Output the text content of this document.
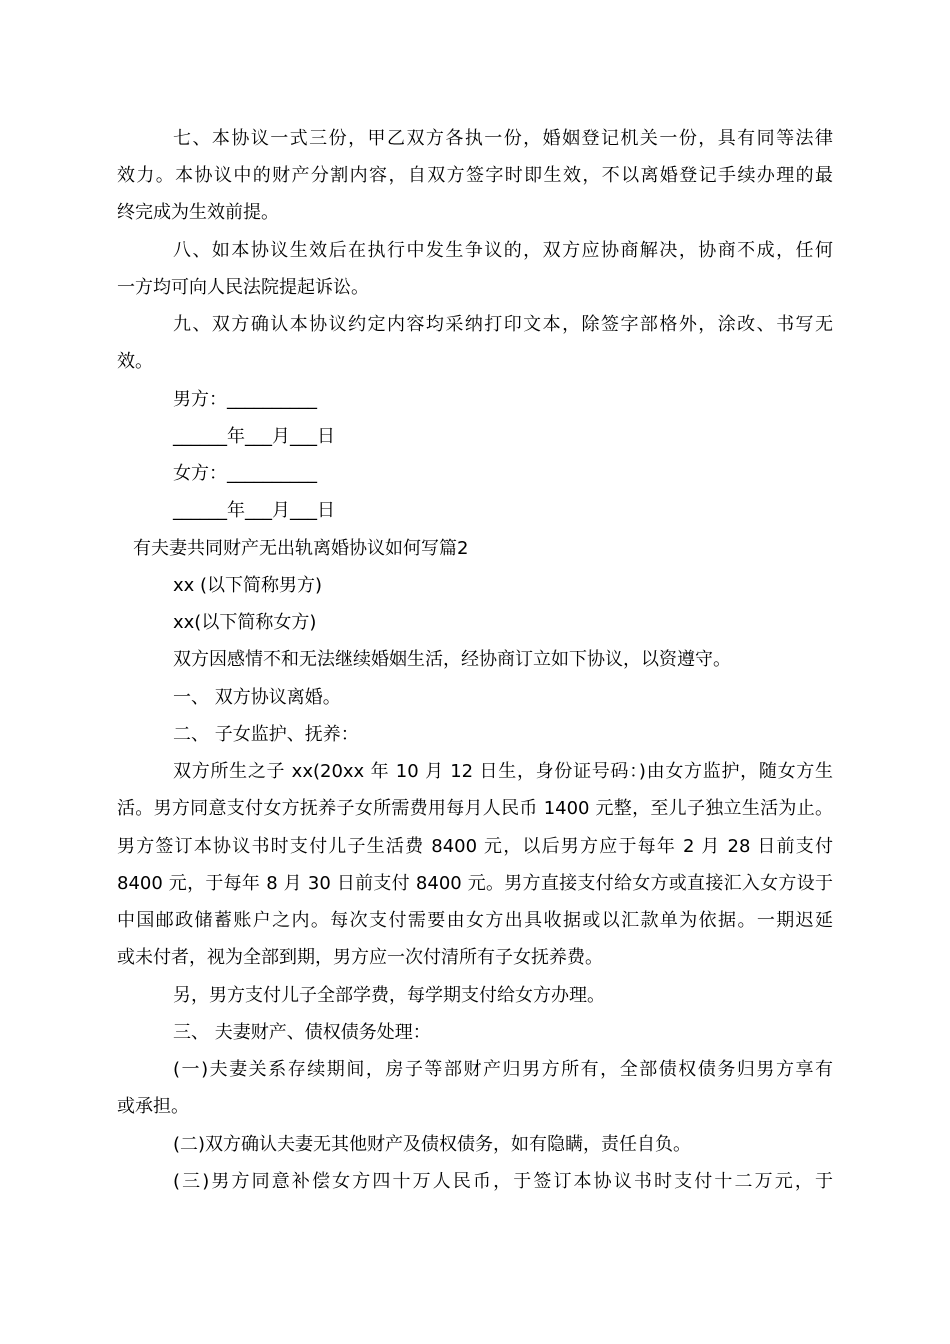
七、本协议一式三份，甲乙双方各执一份，婚姻登记机关一份，具有同等法律
效力。本协议中的财产分割内容，自双方签字时即生效，不以离婚登记手续办理的最
终完成为生效前提。
八、如本协议生效后在执行中发生争议的，双方应协商解决，协商不成，任何
一方均可向人民法院提起诉讼。
九、双方确认本协议约定内容均采纳打印文本，除签字部格外，涂改、书写无
效。
男方：__________
______年___月___日
女方：__________
______年___月___日
有夫妻共同财产无出轨离婚协议如何写篇2
xx (以下简称男方)
xx(以下简称女方)
双方因感情不和无法继续婚姻生活，经协商订立如下协议，以资遵守。
一、 双方协议离婚。
二、 子女监护、抚养：
双方所生之子 xx(20xx 年 10 月 12 日生，身份证号码：)由女方监护，随女方生
活。男方同意支付女方抚养子女所需费用每月人民币 1400 元整，至儿子独立生活为止。
男方签订本协议书时支付儿子生活费 8400 元，以后男方应于每年 2 月 28 日前支付
8400 元，于每年 8 月 30 日前支付 8400 元。男方直接支付给女方或直接汇入女方设于
中国邮政储蓄账户之内。每次支付需要由女方出具收据或以汇款单为依据。一期迟延
或未付者，视为全部到期，男方应一次付清所有子女抚养费。
另，男方支付儿子全部学费，每学期支付给女方办理。
三、 夫妻财产、债权债务处理：
(一)夫妻关系存续期间，房子等部财产归男方所有，全部债权债务归男方享有
或承担。
(二)双方确认夫妻无其他财产及债权债务，如有隐瞒，责任自负。
(三)男方同意补偿女方四十万人民币，于签订本协议书时支付十二万元，于
